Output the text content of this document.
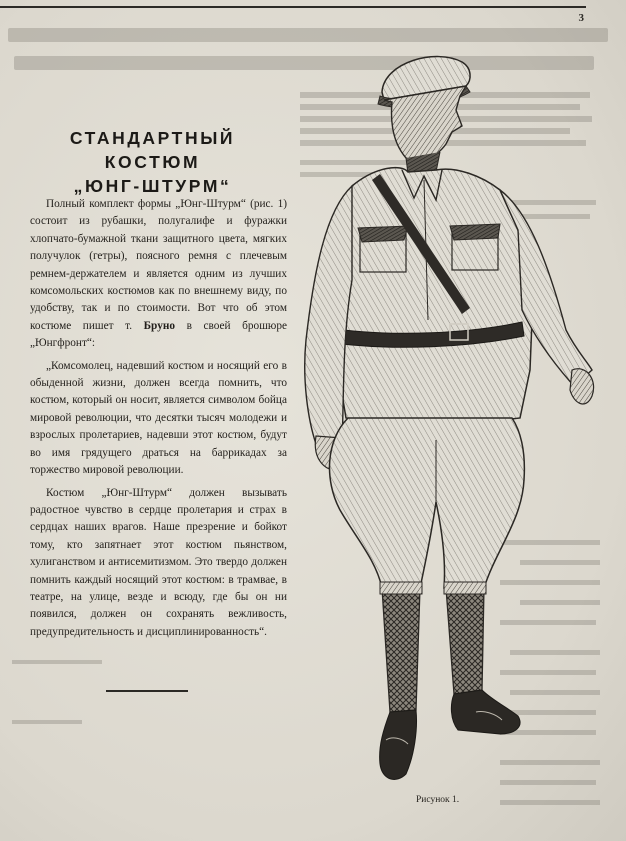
3
СТАНДАРТНЫЙ КОСТЮМ
„ЮНГ-ШТУРМ“

Полный комплект формы „Юнг-Штурм“ (рис. 1) состоит из рубашки, полугалифе и фуражки хлопчато-бумажной ткани защитного цвета, мягких получулок (гетры), поясного ремня с плечевым ремнем-держателем и является одним из лучших комсомольских костюмов как по внешнему виду, по удобству, так и по стоимости. Вот что об этом костюме пишет т. Бруно в своей брошюре „Юнгфронт“:

„Комсомолец, надевший костюм и носящий его в обыденной жизни, должен всегда помнить, что костюм, который он носит, является символом бойца мировой революции, что десятки тысяч молодежи и взрослых пролетариев, надевши этот костюм, будут во имя грядущего драться на баррикадах за торжество мировой революции.

Костюм „Юнг-Штурм“ должен вызывать радостное чувство в сердце пролетария и страх в сердцах наших врагов. Наше презрение и бойкот тому, кто запятнает этот костюм пьянством, хулиганством и антисемитизмом. Это твердо должен помнить каждый носящий этот костюм: в трамвае, в театре, на улице, везде и всюду, где бы он ни появился, должен он сохранять вежливость, предупредительность и дисциплинированность“.

Рисунок 1.
